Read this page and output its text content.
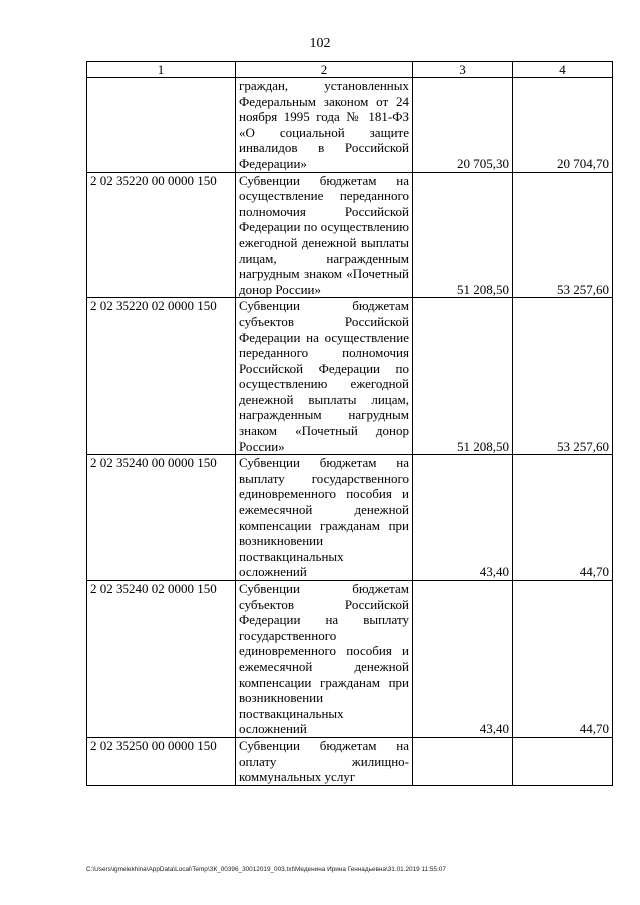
102
1	2	3	4
	граждан, установленных Федеральным законом от 24 ноября 1995 года № 181-ФЗ «О социальной защите инвалидов в Российской Федерации»	20 705,30	20 704,70
2 02 35220 00 0000 150	Субвенции бюджетам на осуществление переданного полномочия Российской Федерации по осуществлению ежегодной денежной выплаты лицам, награжденным нагрудным знаком «Почетный донор России»	51 208,50	53 257,60
2 02 35220 02 0000 150	Субвенции бюджетам субъектов Российской Федерации на осуществление переданного полномочия Российской Федерации по осуществлению ежегодной денежной выплаты лицам, награжденным нагрудным знаком «Почетный донор России»	51 208,50	53 257,60
2 02 35240 00 0000 150	Субвенции бюджетам на выплату государственного единовременного пособия и ежемесячной денежной компенсации гражданам при возникновении поствакцинальных осложнений	43,40	44,70
2 02 35240 02 0000 150	Субвенции бюджетам субъектов Российской Федерации на выплату государственного единовременного пособия и ежемесячной денежной компенсации гражданам при возникновении поствакцинальных осложнений	43,40	44,70
2 02 35250 00 0000 150	Субвенции бюджетам на оплату жилищно-коммунальных услуг		
C:\Users\igmelekhina\AppData\Local\Temp\ЗК_00396_30012019_003.txt\Меденина Ирина Геннадьевна\31.01.2019 11:55:07
